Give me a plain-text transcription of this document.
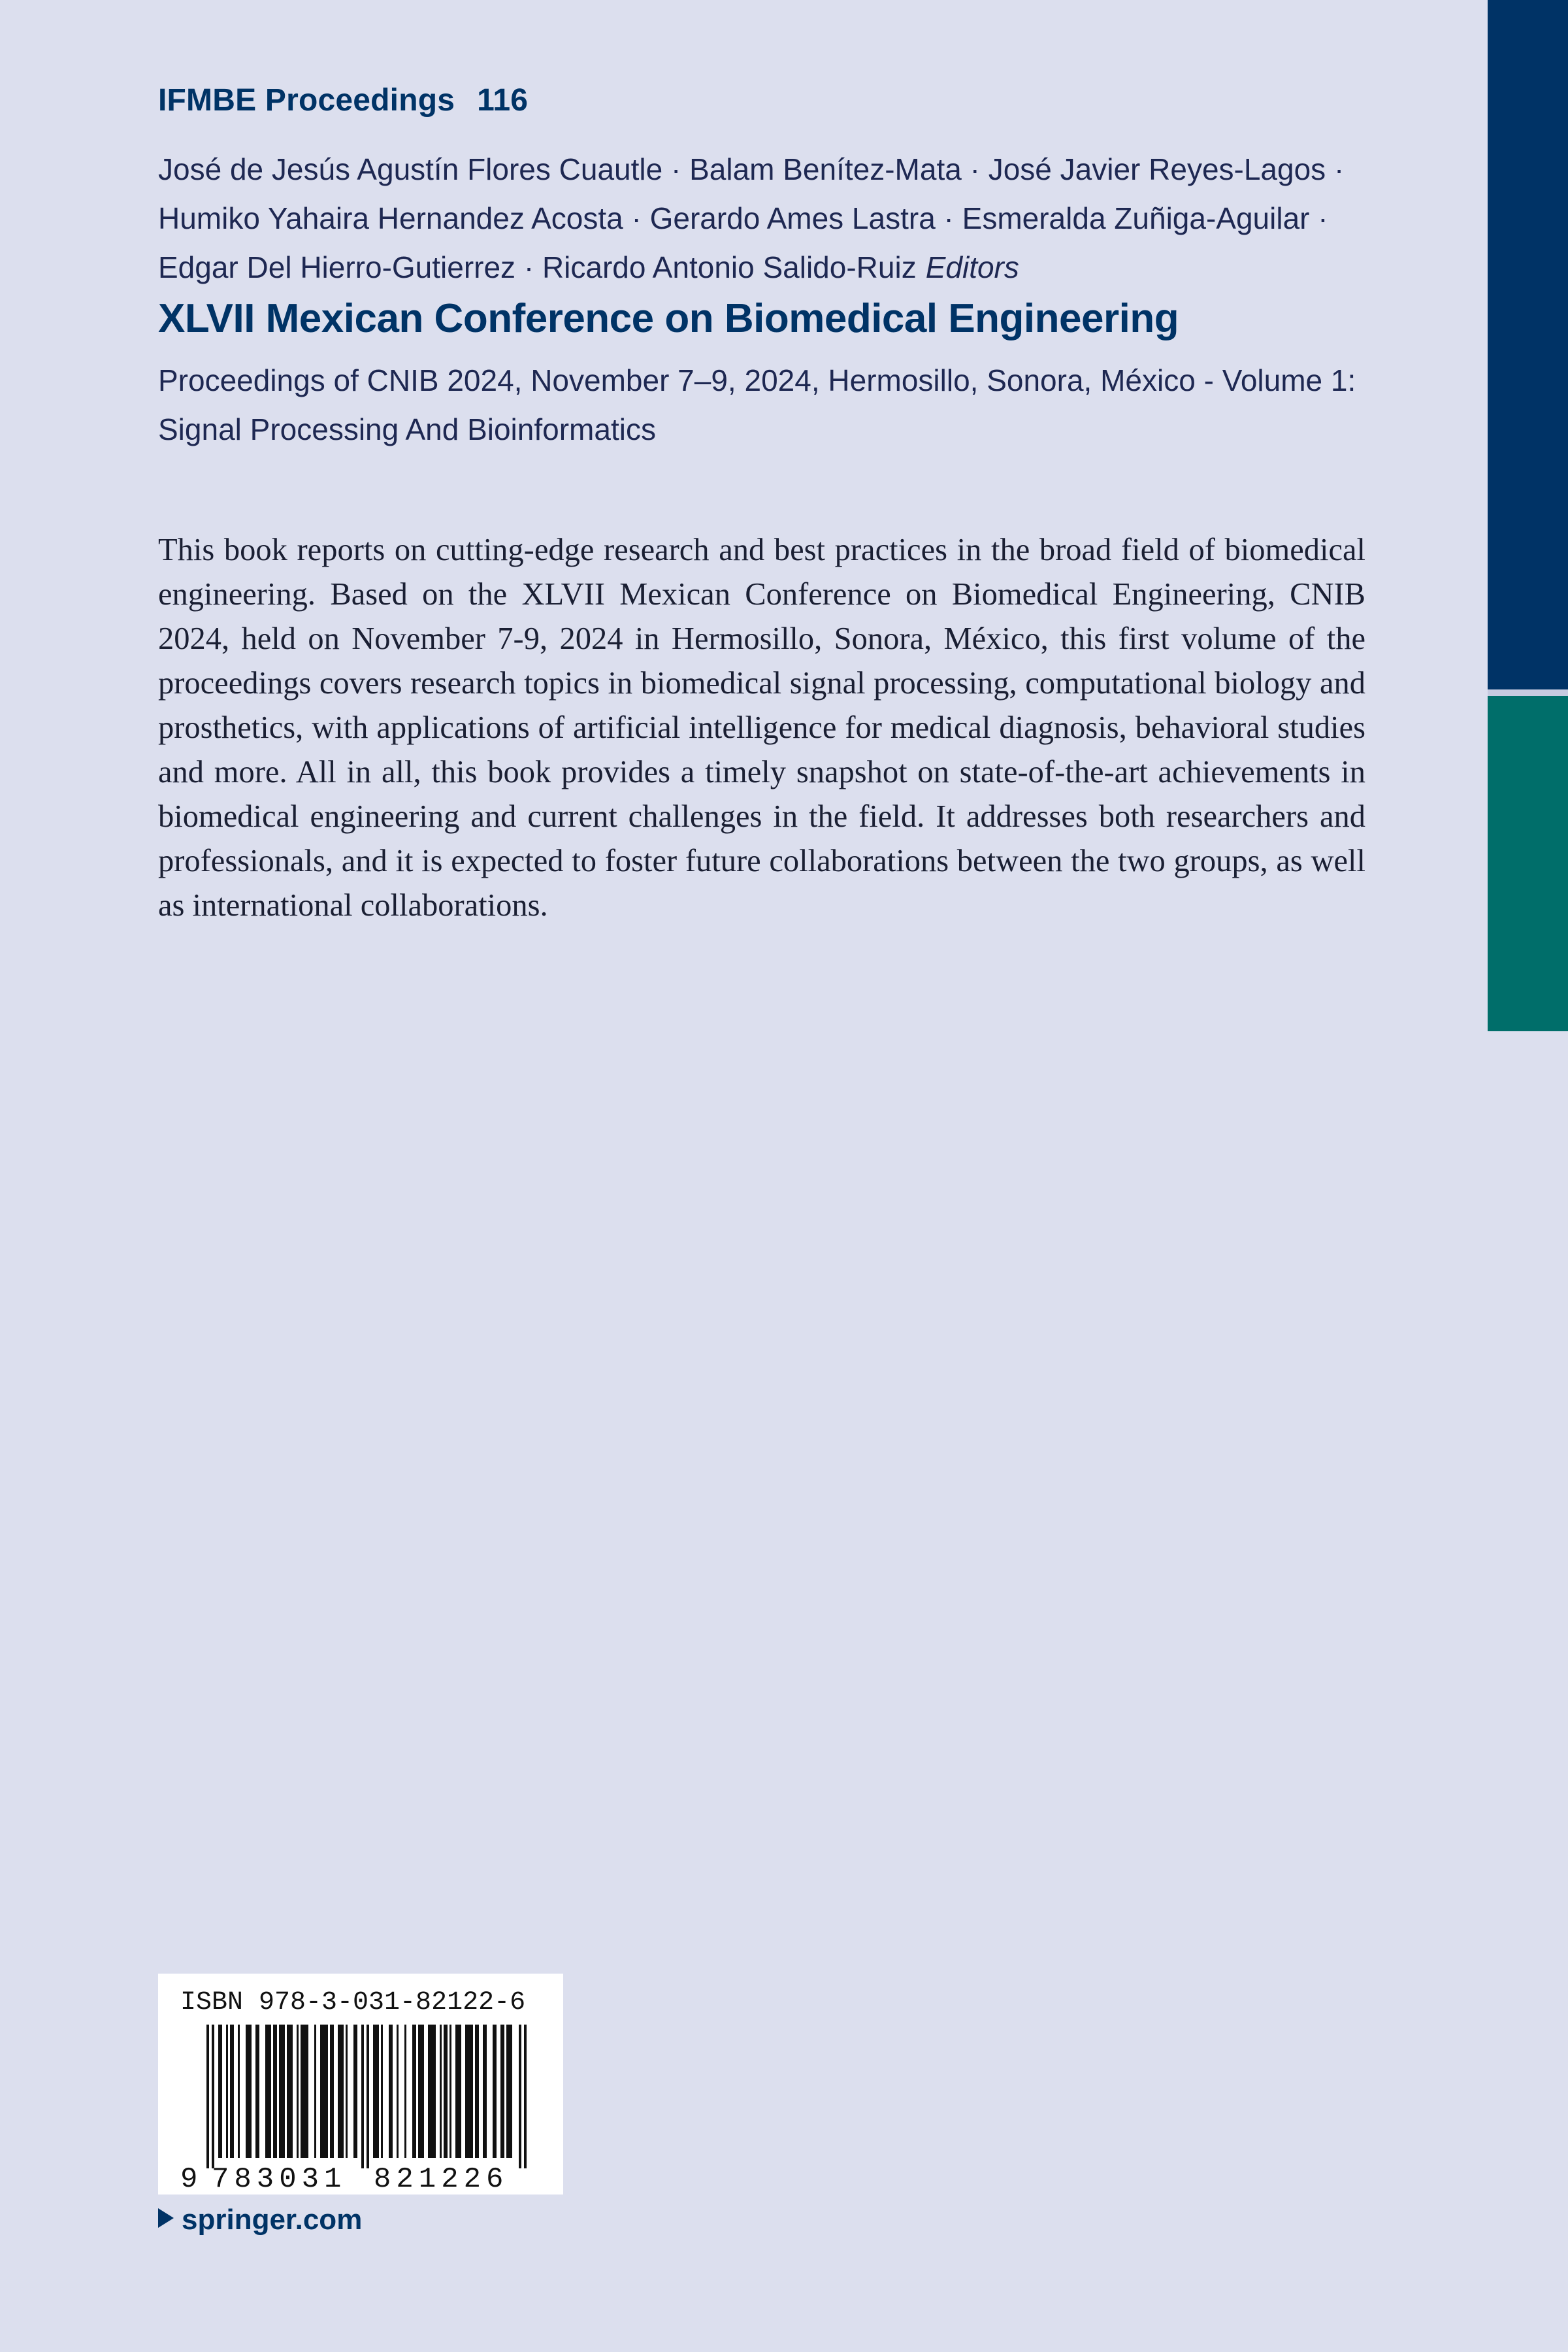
IFMBE Proceedings 116
José de Jesús Agustín Flores Cuautle · Balam Benítez-Mata · José Javier Reyes-Lagos ·
Humiko Yahaira Hernandez Acosta · Gerardo Ames Lastra · Esmeralda Zuñiga-Aguilar ·
Edgar Del Hierro-Gutierrez · Ricardo Antonio Salido-Ruiz Editors
XLVII Mexican Conference on Biomedical Engineering
Proceedings of CNIB 2024, November 7–9, 2024, Hermosillo, Sonora, México - Volume 1: Signal Processing And Bioinformatics
This book reports on cutting-edge research and best practices in the broad field of biomedical engineering. Based on the XLVII Mexican Conference on Biomedical Engineering, CNIB 2024, held on November 7-9, 2024 in Hermosillo, Sonora, México, this first volume of the proceedings covers research topics in biomedical signal processing, computational biology and prosthetics, with applications of artificial intelligence for medical diagnosis, behavioral studies and more. All in all, this book provides a timely snapshot on state-of-the-art achievements in biomedical engineering and current challenges in the field. It addresses both researchers and professionals, and it is expected to foster future collaborations between the two groups, as well as international collaborations.
9 783031 821226
ISBN 978-3-031-82122-6
springer.com
